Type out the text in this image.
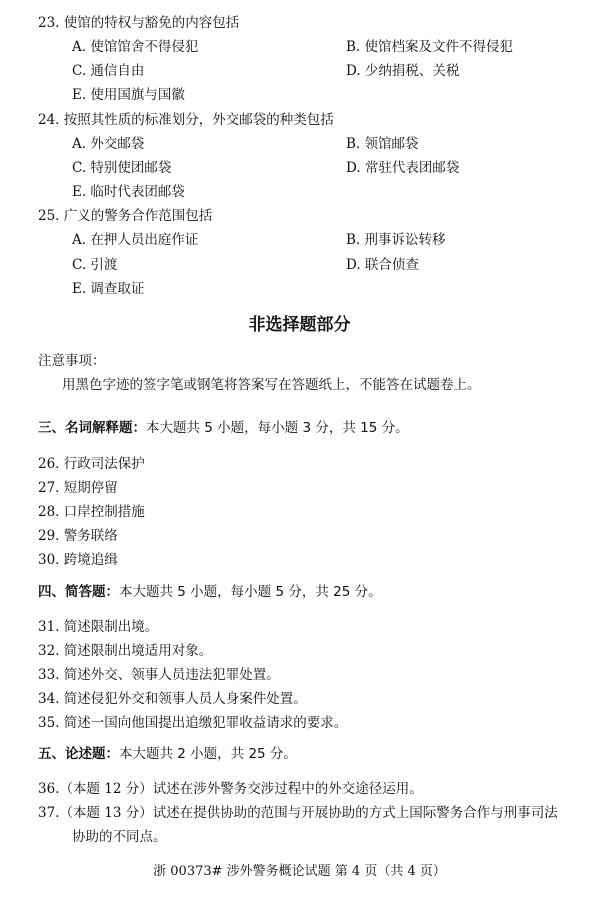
23. 使馆的特权与豁免的内容包括
A. 使馆馆舍不得侵犯	B. 使馆档案及文件不得侵犯
C. 通信自由	D. 少纳捐税、关税
E. 使用国旗与国徽
24. 按照其性质的标准划分，外交邮袋的种类包括
A. 外交邮袋	B. 领馆邮袋
C. 特别使团邮袋	D. 常驻代表团邮袋
E. 临时代表团邮袋
25. 广义的警务合作范围包括
A. 在押人员出庭作证	B. 刑事诉讼转移
C. 引渡	D. 联合侦查
E. 调查取证
非选择题部分
注意事项：
用黑色字迹的签字笔或钢笔将答案写在答题纸上，不能答在试题卷上。
三、名词解释题：本大题共 5 小题，每小题 3 分，共 15 分。
26. 行政司法保护
27. 短期停留
28. 口岸控制措施
29. 警务联络
30. 跨境追缉
四、简答题：本大题共 5 小题，每小题 5 分，共 25 分。
31. 简述限制出境。
32. 简述限制出境适用对象。
33. 简述外交、领事人员违法犯罪处置。
34. 简述侵犯外交和领事人员人身案件处置。
35. 简述一国向他国提出追缴犯罪收益请求的要求。
五、论述题：本大题共 2 小题，共 25 分。
36.（本题 12 分）试述在涉外警务交涉过程中的外交途径运用。
37.（本题 13 分）试述在提供协助的范围与开展协助的方式上国际警务合作与刑事司法
协助的不同点。
浙 00373# 涉外警务概论试题 第 4 页（共 4 页）
